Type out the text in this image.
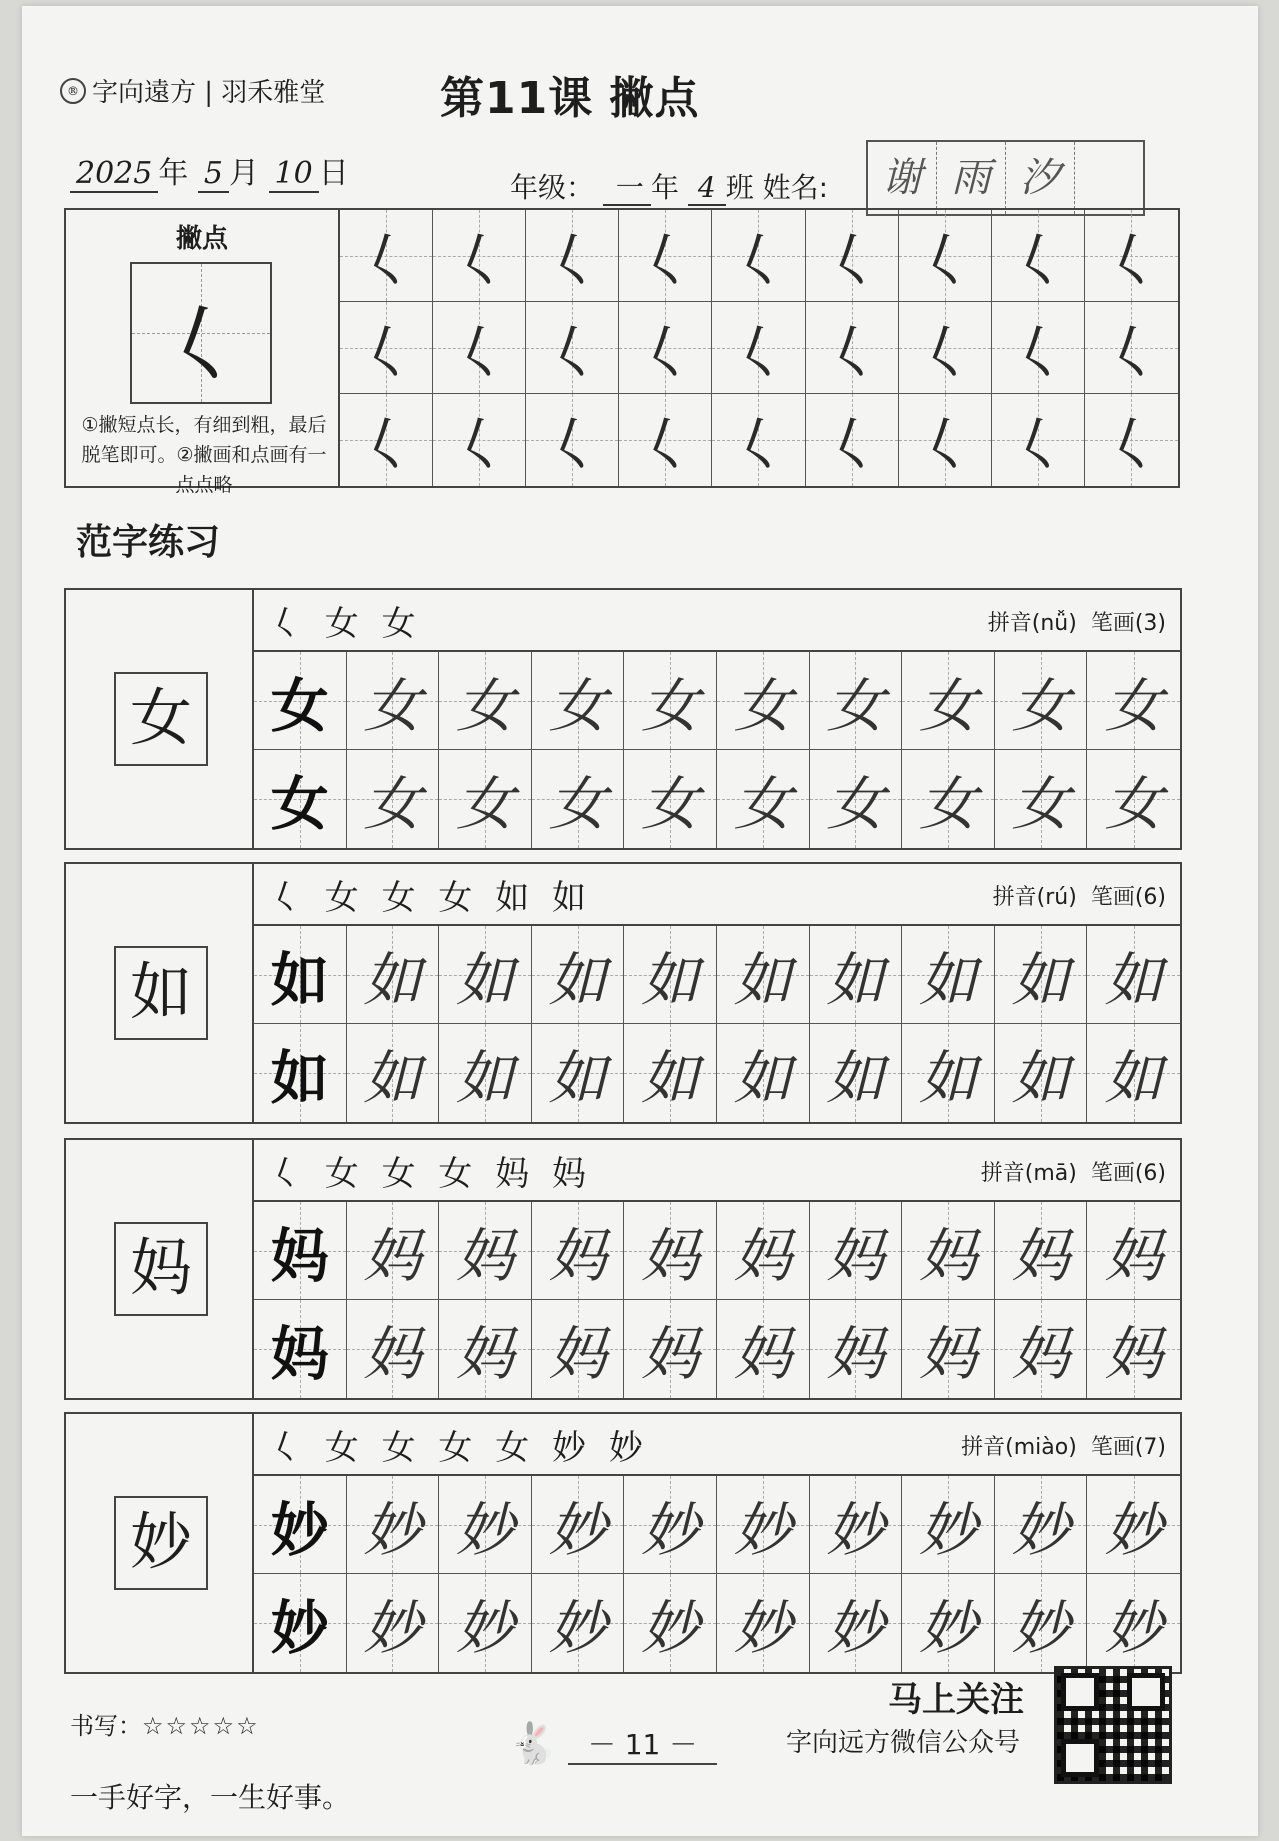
® 字向遠方 | 羽禾雅堂	第11课 撇点
2025 年 5 月 10 日	年级： 一 年 4 班 姓名:	谢 雨 汐
撇点
𡿨
①撇短点长，有细到粗，最后脱笔即可。②撇画和点画有一点点略
𡿨 𡿨 𡿨 𡿨 𡿨 𡿨 𡿨 𡿨 𡿨
𡿨 𡿨 𡿨 𡿨 𡿨 𡿨 𡿨 𡿨 𡿨
𡿨 𡿨 𡿨 𡿨 𡿨 𡿨 𡿨 𡿨 𡿨
范字练习
女
𡿨 女 女	拼音(nǚ) 笔画(3)
女 女 女 女 女 女 女 女 女 女
女 女 女 女 女 女 女 女 女 女
如
𡿨 女 女 女 如 如	拼音(rú) 笔画(6)
如 如 如 如 如 如 如 如 如 如
如 如 如 如 如 如 如 如 如 如
妈
𡿨 女 女 女 妈 妈	拼音(mā) 笔画(6)
妈 妈 妈 妈 妈 妈 妈 妈 妈 妈
妈 妈 妈 妈 妈 妈 妈 妈 妈 妈
妙
𡿨 女 女 女 女 妙 妙	拼音(miào) 笔画(7)
妙 妙 妙 妙 妙 妙 妙 妙 妙 妙
妙 妙 妙 妙 妙 妙 妙 妙 妙 妙
书写：☆☆☆☆☆
一手好字，一生好事。
🐇	－ 11 －
马上关注
字向远方微信公众号
